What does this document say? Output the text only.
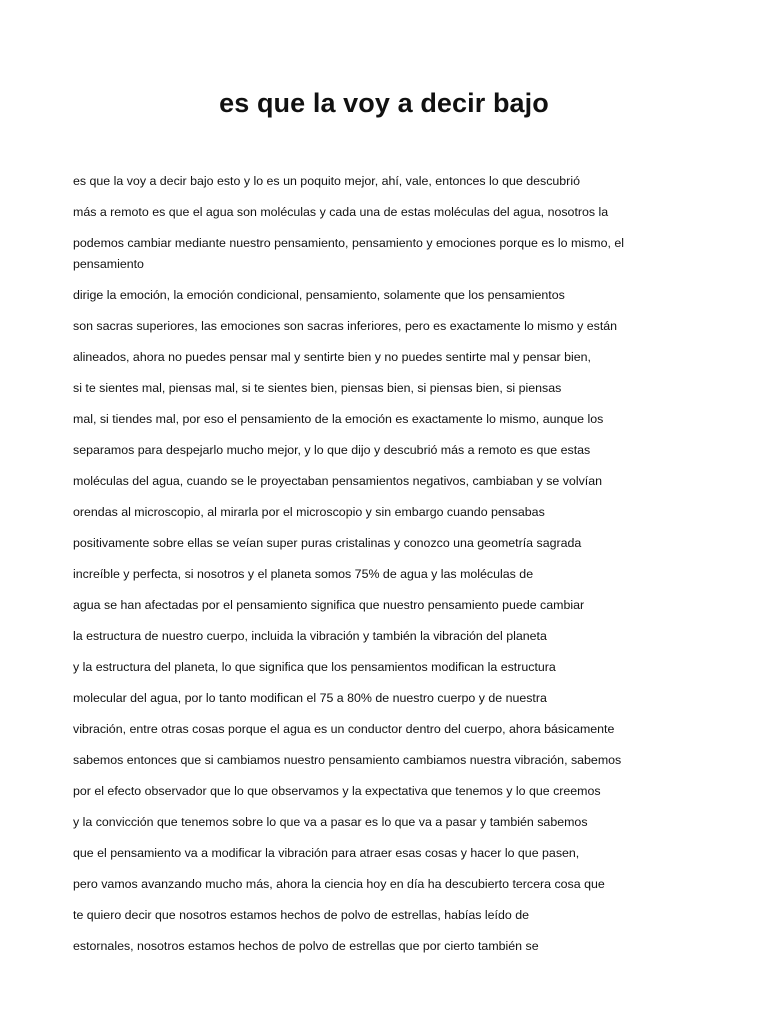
es que la voy a decir bajo

es que la voy a decir bajo esto y lo es un poquito mejor, ahí, vale, entonces lo que descubrió

más a remoto es que el agua son moléculas y cada una de estas moléculas del agua, nosotros la

podemos cambiar mediante nuestro pensamiento, pensamiento y emociones porque es lo mismo, el pensamiento

dirige la emoción, la emoción condicional, pensamiento, solamente que los pensamientos

son sacras superiores, las emociones son sacras inferiores, pero es exactamente lo mismo y están

alineados, ahora no puedes pensar mal y sentirte bien y no puedes sentirte mal y pensar bien,

si te sientes mal, piensas mal, si te sientes bien, piensas bien, si piensas bien, si piensas

mal, si tiendes mal, por eso el pensamiento de la emoción es exactamente lo mismo, aunque los

separamos para despejarlo mucho mejor, y lo que dijo y descubrió más a remoto es que estas

moléculas del agua, cuando se le proyectaban pensamientos negativos, cambiaban y se volvían

orendas al microscopio, al mirarla por el microscopio y sin embargo cuando pensabas

positivamente sobre ellas se veían super puras cristalinas y conozco una geometría sagrada

increíble y perfecta, si nosotros y el planeta somos 75% de agua y las moléculas de

agua se han afectadas por el pensamiento significa que nuestro pensamiento puede cambiar

la estructura de nuestro cuerpo, incluida la vibración y también la vibración del planeta

y la estructura del planeta, lo que significa que los pensamientos modifican la estructura

molecular del agua, por lo tanto modifican el 75 a 80% de nuestro cuerpo y de nuestra

vibración, entre otras cosas porque el agua es un conductor dentro del cuerpo, ahora básicamente

sabemos entonces que si cambiamos nuestro pensamiento cambiamos nuestra vibración, sabemos

por el efecto observador que lo que observamos y la expectativa que tenemos y lo que creemos

y la convicción que tenemos sobre lo que va a pasar es lo que va a pasar y también sabemos

que el pensamiento va a modificar la vibración para atraer esas cosas y hacer lo que pasen,

pero vamos avanzando mucho más, ahora la ciencia hoy en día ha descubierto tercera cosa que

te quiero decir que nosotros estamos hechos de polvo de estrellas, habías leído de

estornales, nosotros estamos hechos de polvo de estrellas que por cierto también se
